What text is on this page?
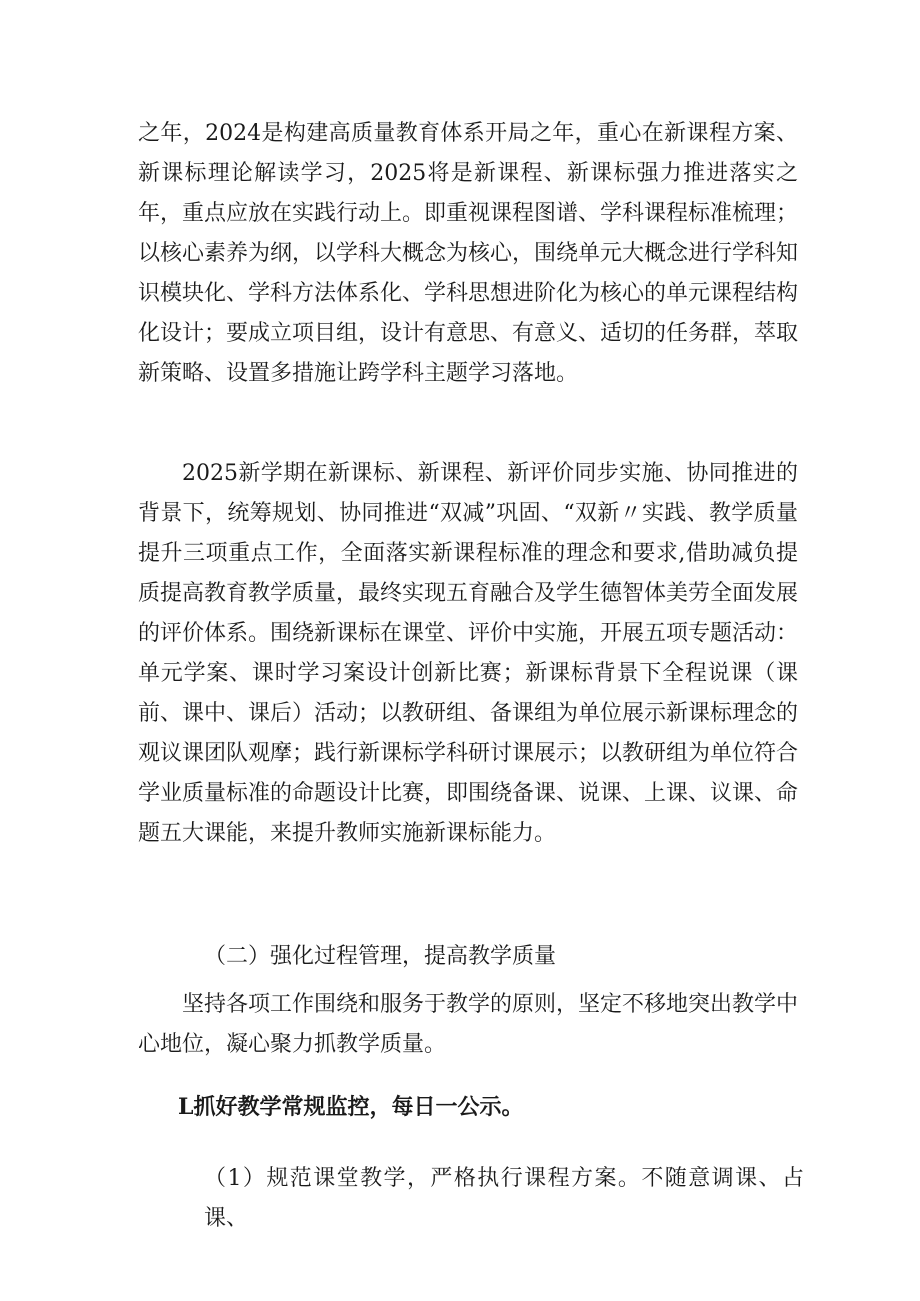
之年，2024是构建高质量教育体系开局之年，重心在新课程方案、新课标理论解读学习，2025将是新课程、新课标强力推进落实之年，重点应放在实践行动上。即重视课程图谱、学科课程标准梳理；以核心素养为纲，以学科大概念为核心，围绕单元大概念进行学科知识模块化、学科方法体系化、学科思想进阶化为核心的单元课程结构化设计；要成立项目组，设计有意思、有意义、适切的任务群，萃取新策略、设置多措施让跨学科主题学习落地。

2025新学期在新课标、新课程、新评价同步实施、协同推进的背景下，统筹规划、协同推进“双减”巩固、“双新〃实践、教学质量提升三项重点工作，全面落实新课程标准的理念和要求,借助减负提质提高教育教学质量，最终实现五育融合及学生德智体美劳全面发展的评价体系。围绕新课标在课堂、评价中实施，开展五项专题活动：单元学案、课时学习案设计创新比赛；新课标背景下全程说课（课前、课中、课后）活动；以教研组、备课组为单位展示新课标理念的观议课团队观摩；践行新课标学科研讨课展示；以教研组为单位符合学业质量标准的命题设计比赛，即围绕备课、说课、上课、议课、命题五大课能，来提升教师实施新课标能力。

（二）强化过程管理，提高教学质量

坚持各项工作围绕和服务于教学的原则，坚定不移地突出教学中心地位，凝心聚力抓教学质量。

L抓好教学常规监控，每日一公示。

（1）规范课堂教学，严格执行课程方案。不随意调课、占课、
